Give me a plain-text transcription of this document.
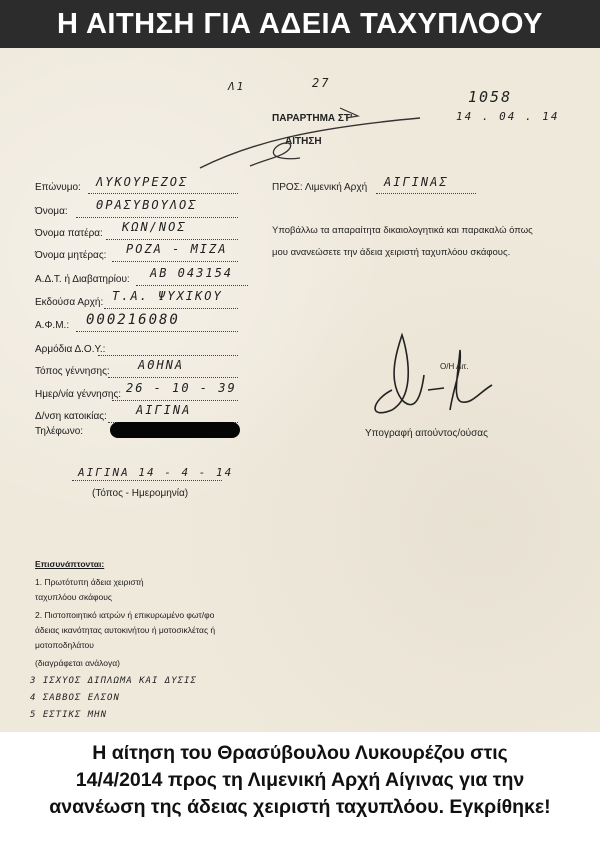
Η ΑΙΤΗΣΗ ΓΙΑ ΑΔΕΙΑ ΤΑΧΥΠΛΟΟΥ
Λ1	27
1058
14 . 04 . 14
ΠΑΡΑΡΤΗΜΑ ΣΤ'
ΑΙΤΗΣΗ
Επώνυμο: ΛΥΚΟΥΡΕΖΟΣ
Όνομα: ΘΡΑΣΥΒΟΥΛΟΣ
Όνομα πατέρα: ΚΩΝ/ΝΟΣ
Όνομα μητέρας: ΡΟΖΑ - ΜΙΖΑ
Α.Δ.Τ. ή Διαβατηρίου: ΑΒ 043154
Εκδούσα Αρχή: Τ.Α. ΨΥΧΙΚΟΥ
Α.Φ.Μ.: 000216080
Αρμόδια Δ.Ο.Υ.:
Τόπος γέννησης: ΑΘΗΝΑ
Ημερ/νία γέννησης: 26 - 10 - 39
Δ/νση κατοικίας: ΑΙΓΙΝΑ
Τηλέφωνο:
ΑΙΓΙΝΑ 14 - 4 - 14
(Τόπος - Ημερομηνία)
ΠΡΟΣ: Λιμενική Αρχή ΑΙΓΙΝΑΣ
Υποβάλλω τα απαραίτητα δικαιολογητικά και παρακαλώ όπως
μου ανανεώσετε την άδεια χειριστή ταχυπλόου σκάφους.
Ο/Η Αιτ.
Υπογραφή αιτούντος/ούσας
Επισυνάπτονται:
1. Πρωτότυπη άδεια χειριστή
ταχυπλόου σκάφους
2. Πιστοποιητικό ιατρών ή επικυρωμένο φωτ/φο
άδειας ικανότητας αυτοκινήτου ή μοτοσικλέτας ή
μοτοποδηλάτου
(διαγράφεται ανάλογα)
3 ΙΣΧΥΟΣ ΔΙΠΛΩΜΑ ΚΑΙ ΔΥΣΙΣ
4 ΣΑΒΒΟΣ ΕΛΣΟΝ
5 ΕΣΤΙΚΣ ΜΗΝ
Η αίτηση του Θρασύβουλου Λυκουρέζου στις
14/4/2014 προς τη Λιμενική Αρχή Αίγινας για την
ανανέωση της άδειας χειριστή ταχυπλόου. Εγκρίθηκε!
